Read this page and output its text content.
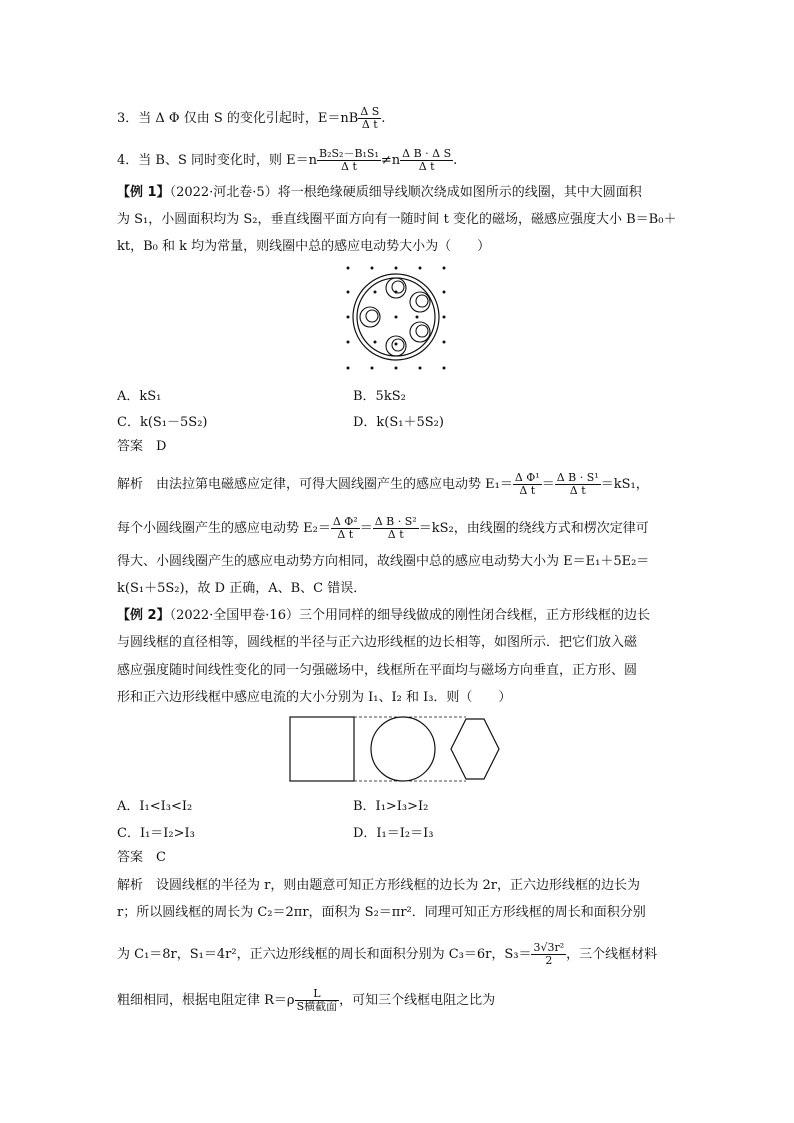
3．当 Δ Φ 仅由 S 的变化引起时，$E=nB \frac{\text{Δ S}}{\text{Δ t}}$ .
4．当 B、S 同时变化时，则 $E=n \frac{\text{B₂S₂－B₁S₁}}{\text{Δ t}} \ne n \frac{\text{Δ B · Δ S}}{\text{Δ t}}$ .
【例 1】（2022·河北卷·5）将一根绝缘硬质细导线顺次绕成如图所示的线圈，其中大圆面积
为 S₁，小圆面积均为 S₂，垂直线圈平面方向有一随时间 t 变化的磁场，磁感应强度大小 B＝B₀＋
kt，B₀ 和 k 均为常量，则线圈中总的感应电动势大小为（　　）
A．kS₁	B．5kS₂
C．k(S₁－5S₂)	D．k(S₁＋5S₂)
答案　D
解析　由法拉第电磁感应定律，可得大圆线圈产生的感应电动势 $E_1= \frac{\text{Δ Φ¹}}{\text{Δ t}} = \frac{\text{Δ B · S¹}}{\text{Δ t}} =kS_1$，
每个小圆线圈产生的感应电动势 $E_2= \frac{\text{Δ Φ²}}{\text{Δ t}} = \frac{\text{Δ B · S²}}{\text{Δ t}} =kS_2$，由线圈的绕线方式和楞次定律可
得大、小圆线圈产生的感应电动势方向相同，故线圈中总的感应电动势大小为 E＝E₁＋5E₂＝
k(S₁＋5S₂)，故 D 正确，A、B、C 错误．
【例 2】（2022·全国甲卷·16）三个用同样的细导线做成的刚性闭合线框，正方形线框的边长
与圆线框的直径相等，圆线框的半径与正六边形线框的边长相等，如图所示．把它们放入磁
感应强度随时间线性变化的同一匀强磁场中，线框所在平面均与磁场方向垂直，正方形、圆
形和正六边形线框中感应电流的大小分别为 I₁、I₂ 和 I₃．则（　　）
A．I₁<I₃<I₂	B．I₁>I₃>I₂
C．I₁＝I₂>I₃	D．I₁＝I₂＝I₃
答案　C
解析　设圆线框的半径为 r，则由题意可知正方形线框的边长为 2r，正六边形线框的边长为
r；所以圆线框的周长为 C₂＝2πr，面积为 S₂＝πr²．同理可知正方形线框的周长和面积分别
为 C₁＝8r，S₁＝4r²，正六边形线框的周长和面积分别为 C₃＝6r，$S_3= \frac{\text{3√3r²}}{2}$ ，三个线框材料
粗细相同，根据电阻定律 $R=\rho \frac{L}{\text{S横截面}}$ ，可知三个线框电阻之比为
